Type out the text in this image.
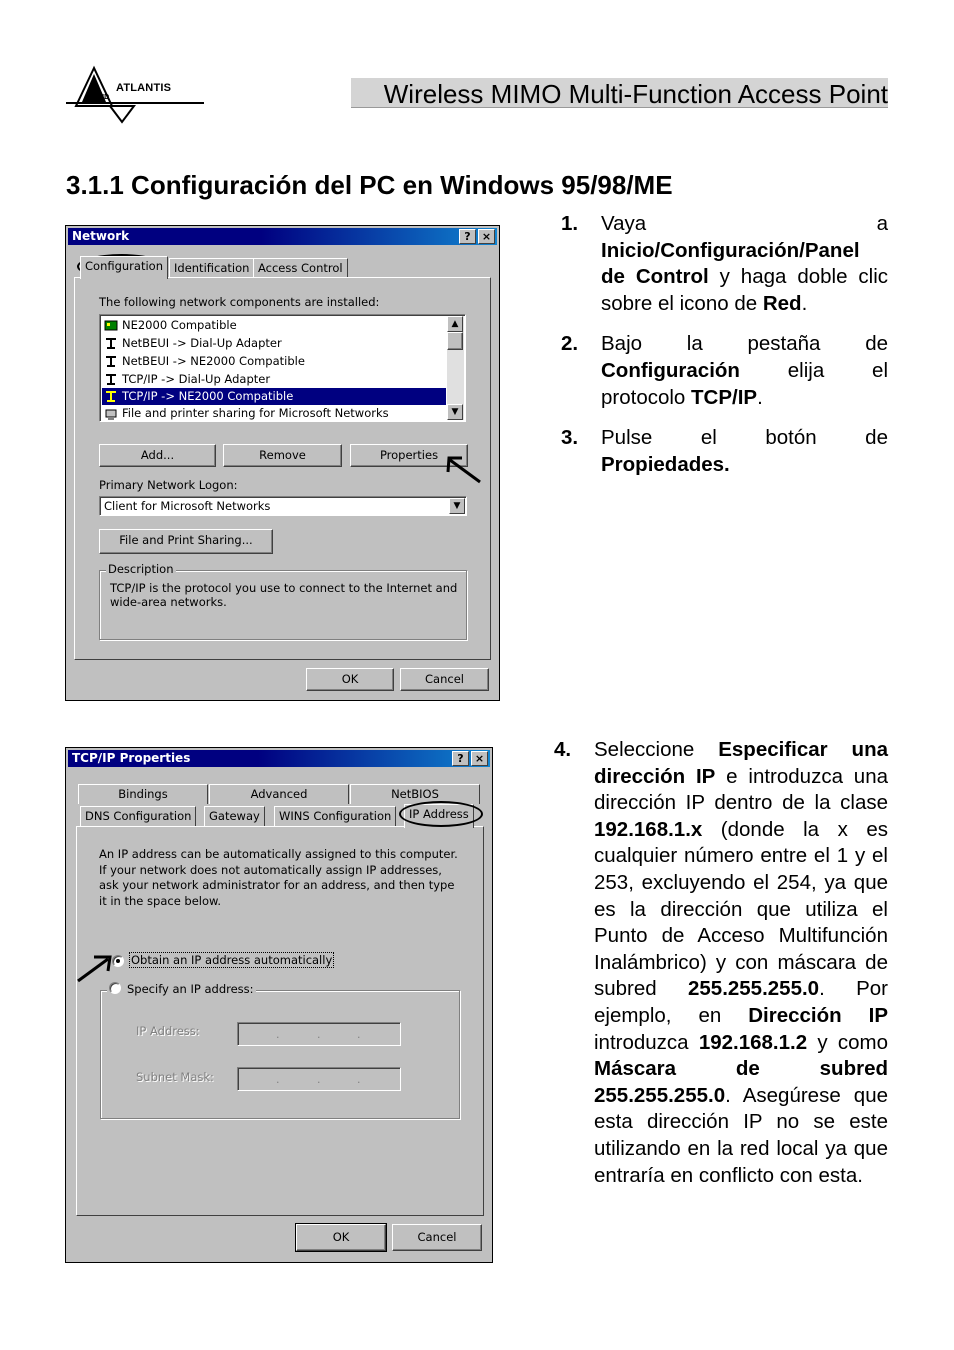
ATLANTIS
AND	Wireless MIMO Multi-Function Access Point
3.1.1 Configuración del PC en Windows 95/98/ME
1. Vaya a Inicio/Configuración/Panel de Control y haga doble clic sobre el icono de Red.
2. Bajo la pestaña de Configuración elija el protocolo TCP/IP.
3. Pulse el botón de Propiedades.
4. Seleccione Especificar una dirección IP e introduzca una dirección IP dentro de la clase 192.168.1.x (donde la x es cualquier número entre el 1 y el 253, excluyendo el 254, ya que es la dirección que utiliza el Punto de Acceso Multifunción Inalámbrico) y con máscara de subred 255.255.255.0. Por ejemplo, en Dirección IP introduzca 192.168.1.2 y como Máscara de subred 255.255.255.0. Asegúrese que esta dirección IP no se este utilizando en la red local ya que entraría en conflicto con esta.
Network	?	×
Configuration Identification Access Control
The following network components are installed:
NE2000 Compatible
NetBEUI -> Dial-Up Adapter
NetBEUI -> NE2000 Compatible
TCP/IP -> Dial-Up Adapter
TCP/IP -> NE2000 Compatible
File and printer sharing for Microsoft Networks
▲
▼
Add...	Remove	Properties
Primary Network Logon:
Client for Microsoft Networks	▼
File and Print Sharing...
Description
TCP/IP is the protocol you use to connect to the Internet and wide-area networks.
OK	Cancel
TCP/IP Properties	?	×
Bindings	Advanced	NetBIOS
DNS Configuration	Gateway	WINS Configuration	IP Address
An IP address can be automatically assigned to this computer. If your network does not automatically assign IP addresses, ask your network administrator for an address, and then type it in the space below.
Obtain an IP address automatically
Specify an IP address:
IP Address:	.	.	.
Subnet Mask:	.	.	.
OK	Cancel
